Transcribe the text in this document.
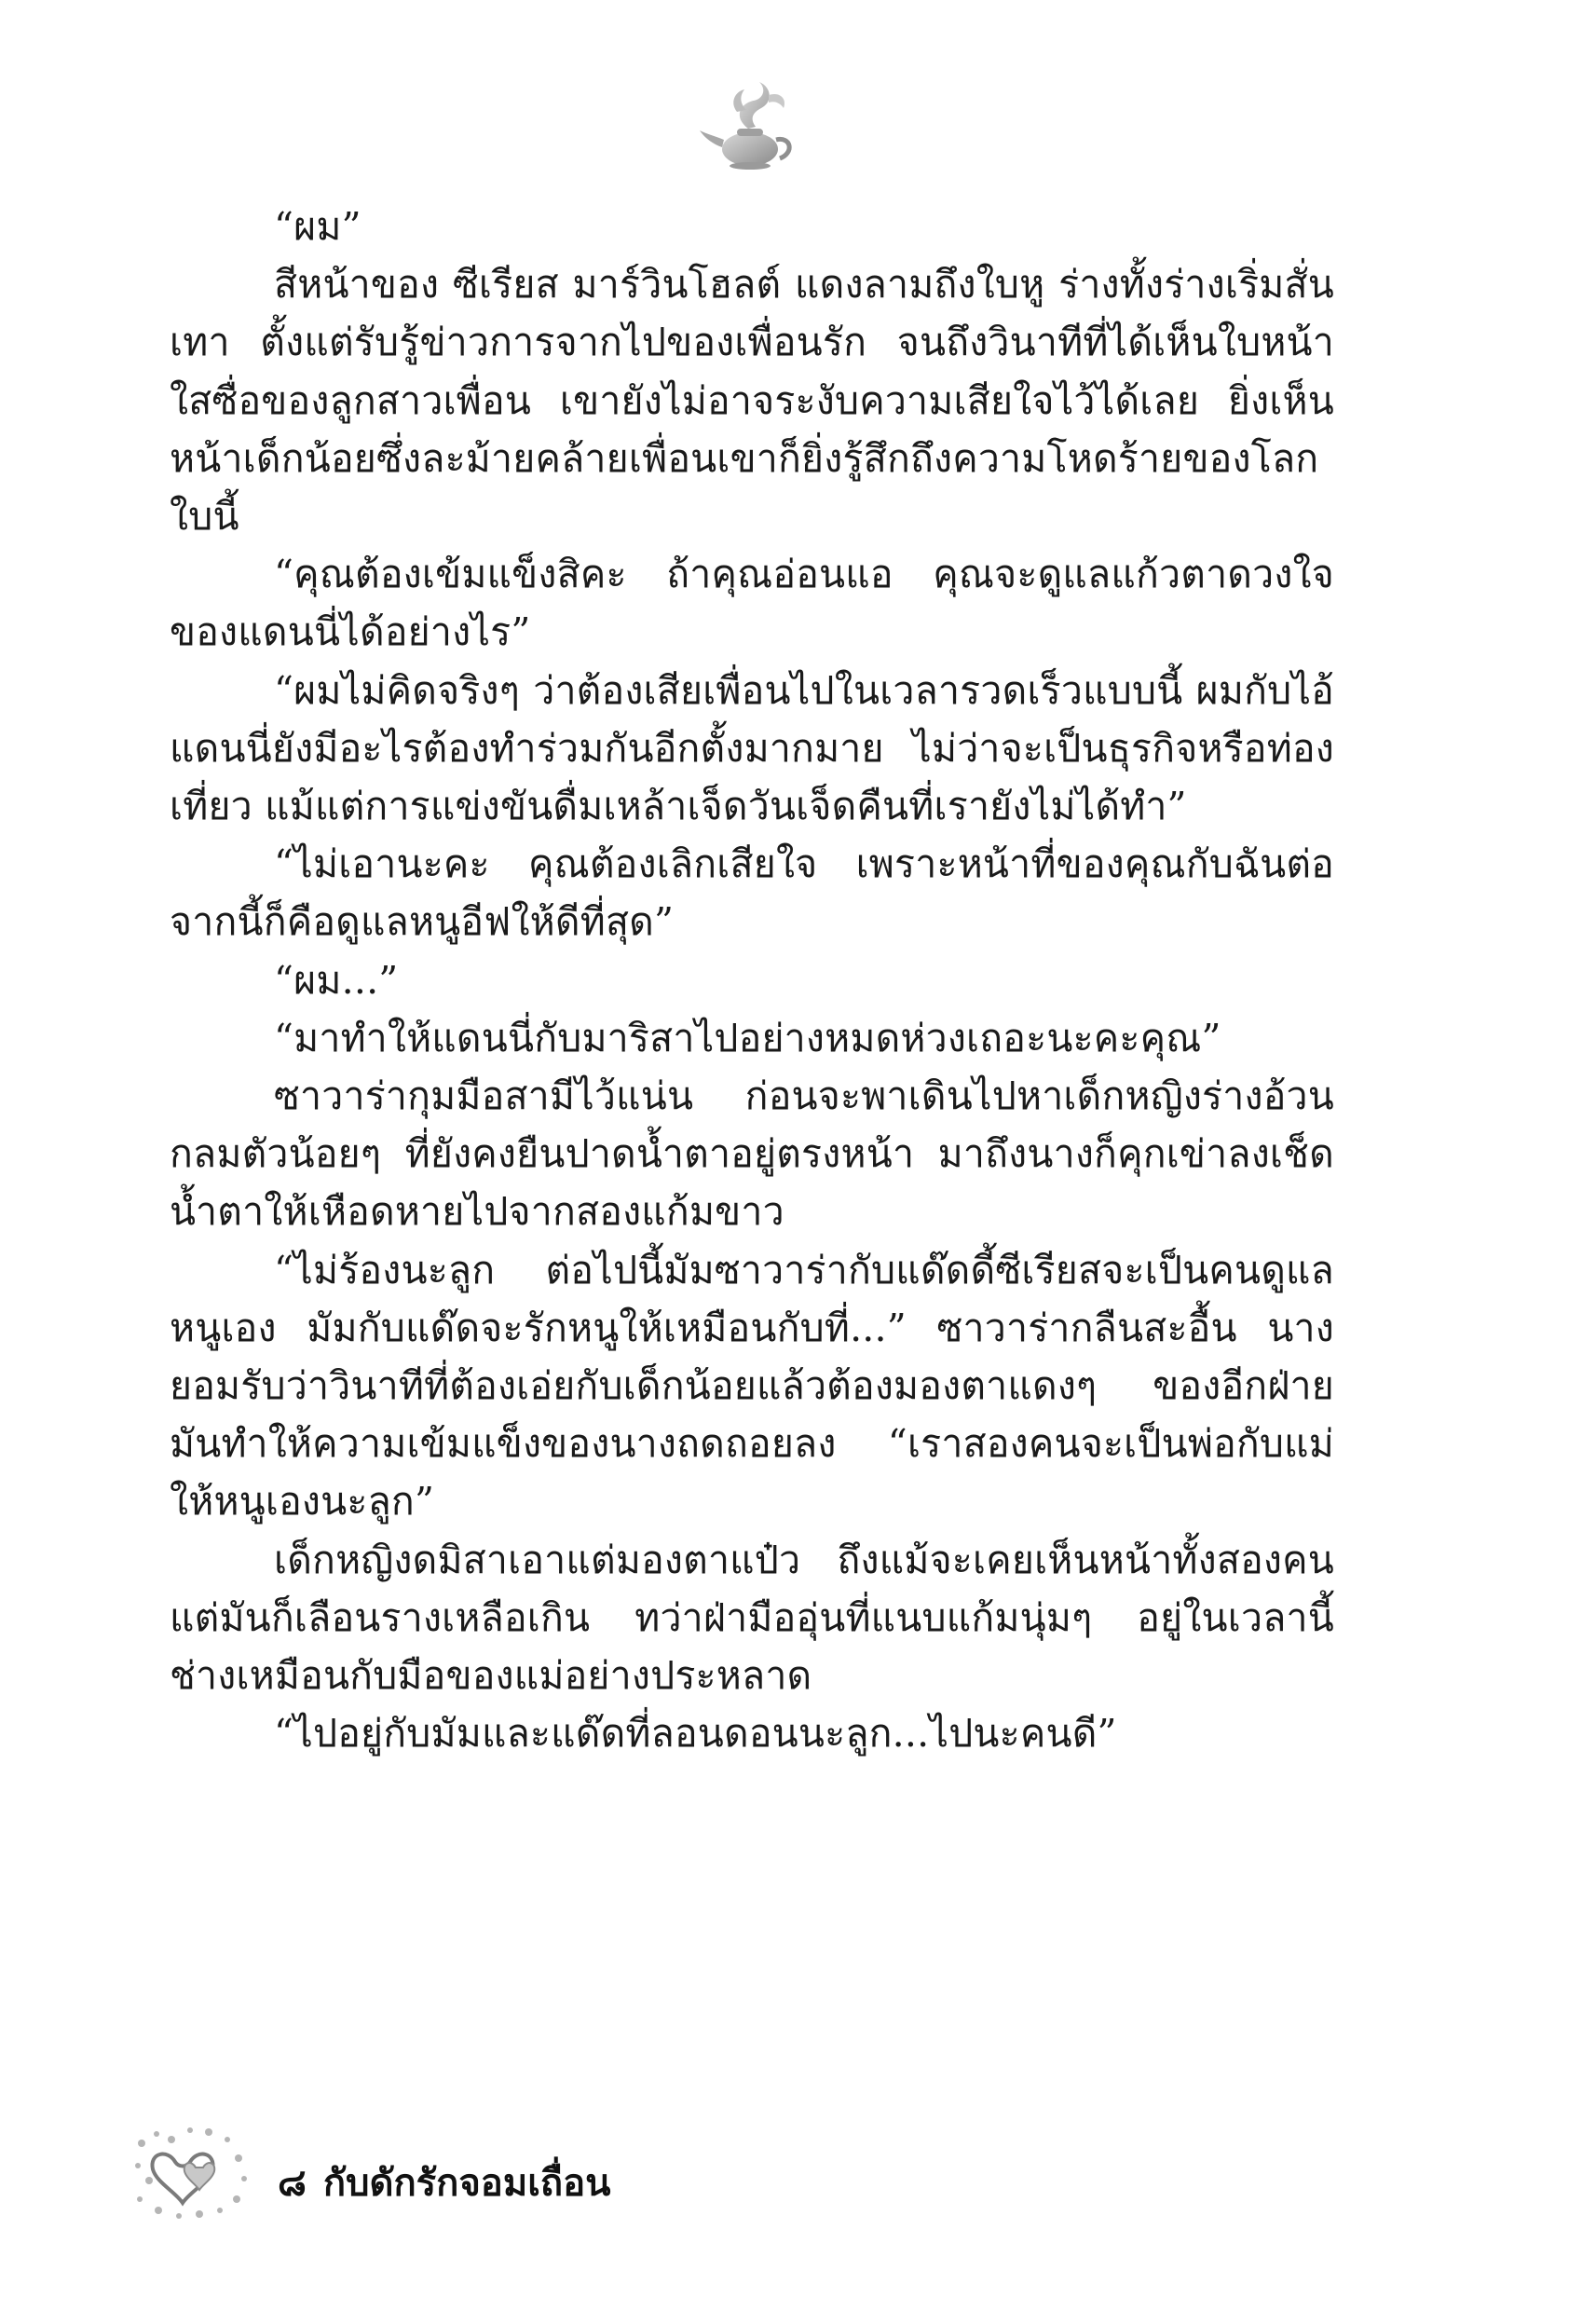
“ผม”

สีหน้าของ ซีเรียส มาร์วินโฮลต์ แดงลามถึงใบหู ร่างทั้งร่างเริ่มสั่นเทา ตั้งแต่รับรู้ข่าวการจากไปของเพื่อนรัก จนถึงวินาทีที่ได้เห็นใบหน้าใสซื่อของลูกสาวเพื่อน เขายังไม่อาจระงับความเสียใจไว้ได้เลย ยิ่งเห็นหน้าเด็กน้อยซึ่งละม้ายคล้ายเพื่อนเขาก็ยิ่งรู้สึกถึงความโหดร้ายของโลกใบนี้

“คุณต้องเข้มแข็งสิคะ ถ้าคุณอ่อนแอ คุณจะดูแลแก้วตาดวงใจของแดนนี่ได้อย่างไร”

“ผมไม่คิดจริงๆ ว่าต้องเสียเพื่อนไปในเวลารวดเร็วแบบนี้ ผมกับไอ้แดนนี่ยังมีอะไรต้องทำร่วมกันอีกตั้งมากมาย ไม่ว่าจะเป็นธุรกิจหรือท่องเที่ยว แม้แต่การแข่งขันดื่มเหล้าเจ็ดวันเจ็ดคืนที่เรายังไม่ได้ทำ”

“ไม่เอานะคะ คุณต้องเลิกเสียใจ เพราะหน้าที่ของคุณกับฉันต่อจากนี้ก็คือดูแลหนูอีฟให้ดีที่สุด”

“ผม...”

“มาทำให้แดนนี่กับมาริสาไปอย่างหมดห่วงเถอะนะคะคุณ”

ซาวาร่ากุมมือสามีไว้แน่น ก่อนจะพาเดินไปหาเด็กหญิงร่างอ้วนกลมตัวน้อยๆ ที่ยังคงยืนปาดน้ำตาอยู่ตรงหน้า มาถึงนางก็คุกเข่าลงเช็ดน้ำตาให้เหือดหายไปจากสองแก้มขาว

“ไม่ร้องนะลูก ต่อไปนี้มัมซาวาร่ากับแด๊ดดี้ซีเรียสจะเป็นคนดูแลหนูเอง มัมกับแด๊ดจะรักหนูให้เหมือนกับที่...” ซาวาร่ากลืนสะอื้น นางยอมรับว่าวินาทีที่ต้องเอ่ยกับเด็กน้อยแล้วต้องมองตาแดงๆ ของอีกฝ่ายมันทำให้ความเข้มแข็งของนางถดถอยลง “เราสองคนจะเป็นพ่อกับแม่ให้หนูเองนะลูก”

เด็กหญิงดมิสาเอาแต่มองตาแป๋ว ถึงแม้จะเคยเห็นหน้าทั้งสองคนแต่มันก็เลือนรางเหลือเกิน ทว่าฝ่ามืออุ่นที่แนบแก้มนุ่มๆ อยู่ในเวลานี้ช่างเหมือนกับมือของแม่อย่างประหลาด

“ไปอยู่กับมัมและแด๊ดที่ลอนดอนนะลูก...ไปนะคนดี”

๘ กับดักรักจอมเถื่อน
